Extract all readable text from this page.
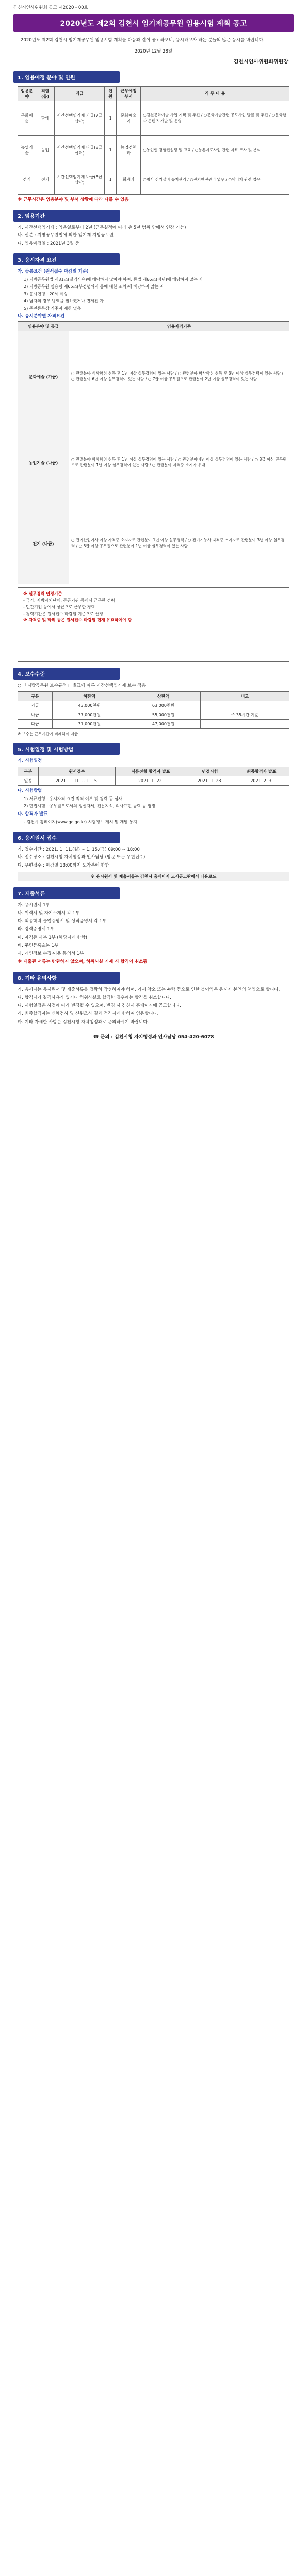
김천시인사위원회 공고 제2020 - 00호
2020년도 제2회 김천시 임기제공무원 임용시험 계획 공고

2020년도 제2회 김천시 임기제공무원 임용시험 계획을 다음과 같이 공고하오니, 응시하고자 하는 분들의 많은 응시를 바랍니다.

2020년 12월 28일
김천시인사위원회위원장
1. 임용예정 분야 및 인원
임용분야	직렬(류)	직급	인원	근무예정부서	직 무 내 용
문화예술	학예	시간선택임기제 가급(7급 상당)	1	문화예술과	○김천문화예술 사업 기획 및 추진 / ○문화예술관련 공모사업 발굴 및 추진 / ○문화행사 콘텐츠 개발 및 운영
농업기술	농업	시간선택임기제 나급(8급 상당)	1	농업정책과	○농업인 경영컨설팅 및 교육 / ○농촌지도사업 관련 자료 조사 및 분석
전기	전기	시간선택임기제 나급(8급 상당)	1	회계과	○청사 전기설비 유지관리 / ○전기안전관리 업무 / ○에너지 관련 업무
※ 근무시간은 임용분야 및 부서 상황에 따라 다를 수 있음
2. 임용기간
가. 시간선택임기제 : 임용일로부터 2년 (근무실적에 따라 총 5년 범위 안에서 연장 가능)
나. 신분 : 지방공무원법에 의한 임기제 지방공무원
다. 임용예정일 : 2021년 3월 중
3. 응시자격 요건
가. 공통요건 (원서접수 마감일 기준)
1) 지방공무원법 제31조(결격사유)에 해당하지 않아야 하며, 동법 제66조(정년)에 해당하지 않는 자
2) 지방공무원 임용령 제65조(부정행위자 등에 대한 조치)에 해당하지 않는 자
3) 응시연령 : 20세 이상
4) 남자의 경우 병역을 필하였거나 면제된 자
5) 주민등록상 거주지 제한 없음
나. 응시분야별 자격요건
임용분야 및 등급	임용자격기준
문화예술 (가급)	○ 관련분야 석사학위 취득 후 1년 이상 실무경력이 있는 사람 / ○ 관련분야 학사학위 취득 후 3년 이상 실무경력이 있는 사람 / ○ 관련분야 6년 이상 실무경력이 있는 사람 / ○ 7급 이상 공무원으로 관련분야 2년 이상 실무경력이 있는 사람
농업기술 (나급)	○ 관련분야 학사학위 취득 후 1년 이상 실무경력이 있는 사람 / ○ 관련분야 4년 이상 실무경력이 있는 사람 / ○ 8급 이상 공무원으로 관련분야 1년 이상 실무경력이 있는 사람 / ○ 관련분야 자격증 소지자 우대
전기 (나급)	○ 전기산업기사 이상 자격증 소지자로 관련분야 1년 이상 실무경력 / ○ 전기기능사 자격증 소지자로 관련분야 3년 이상 실무경력 / ○ 8급 이상 공무원으로 관련분야 1년 이상 실무경력이 있는 사람
※ 실무경력 인정기준
- 국가, 지방자치단체, 공공기관 등에서 근무한 경력
- 민간기업 등에서 상근으로 근무한 경력
- 경력기간은 원서접수 마감일 기준으로 산정
※ 자격증 및 학위 등은 원서접수 마감일 현재 유효하여야 함
4. 보수수준
○ 「지방공무원 보수규정」 별표에 따른 시간선택임기제 보수 적용
구분	하한액	상한액	비고
가급	43,000천원	63,000천원	
나급	37,000천원	55,000천원	주 35시간 기준
다급	31,000천원	47,000천원	
※ 보수는 근무시간에 비례하여 지급
5. 시험일정 및 시험방법
가. 시험일정
구분	원서접수	서류전형 합격자 발표	면접시험	최종합격자 발표
일정	2021. 1. 11. ~ 1. 15.	2021. 1. 22.	2021. 1. 28.	2021. 2. 3.
나. 시험방법
1) 서류전형 : 응시자격 요건 적격 여부 및 경력 등 심사
2) 면접시험 : 공무원으로서의 정신자세, 전문지식, 의사표현 능력 등 평정
다. 합격자 발표
- 김천시 홈페이지(www.gc.go.kr) 시험정보 게시 및 개별 통지
6. 응시원서 접수
가. 접수기간 : 2021. 1. 11.(월) ~ 1. 15.(금) 09:00 ~ 18:00
나. 접수장소 : 김천시청 자치행정과 인사담당 (방문 또는 우편접수)
다. 우편접수 : 마감일 18:00까지 도착분에 한함
※ 응시원서 및 제출서류는 김천시 홈페이지 고시공고란에서 다운로드
7. 제출서류
가. 응시원서 1부
나. 이력서 및 자기소개서 각 1부
다. 최종학력 졸업증명서 및 성적증명서 각 1부
라. 경력증명서 1부
마. 자격증 사본 1부 (해당자에 한함)
바. 주민등록초본 1부
사. 개인정보 수집·이용 동의서 1부
※ 제출된 서류는 반환하지 않으며, 허위사실 기재 시 합격이 취소됨
8. 기타 유의사항
가. 응시자는 응시원서 및 제출서류를 정확히 작성하여야 하며, 기재 착오 또는 누락 등으로 인한 불이익은 응시자 본인의 책임으로 합니다.
나. 합격자가 결격사유가 있거나 허위사실로 합격한 경우에는 합격을 취소합니다.
다. 시험일정은 사정에 따라 변경될 수 있으며, 변경 시 김천시 홈페이지에 공고합니다.
라. 최종합격자는 신체검사 및 신원조사 결과 적격자에 한하여 임용합니다.
마. 기타 자세한 사항은 김천시청 자치행정과로 문의하시기 바랍니다.
☎ 문의 : 김천시청 자치행정과 인사담당 054-420-6078
